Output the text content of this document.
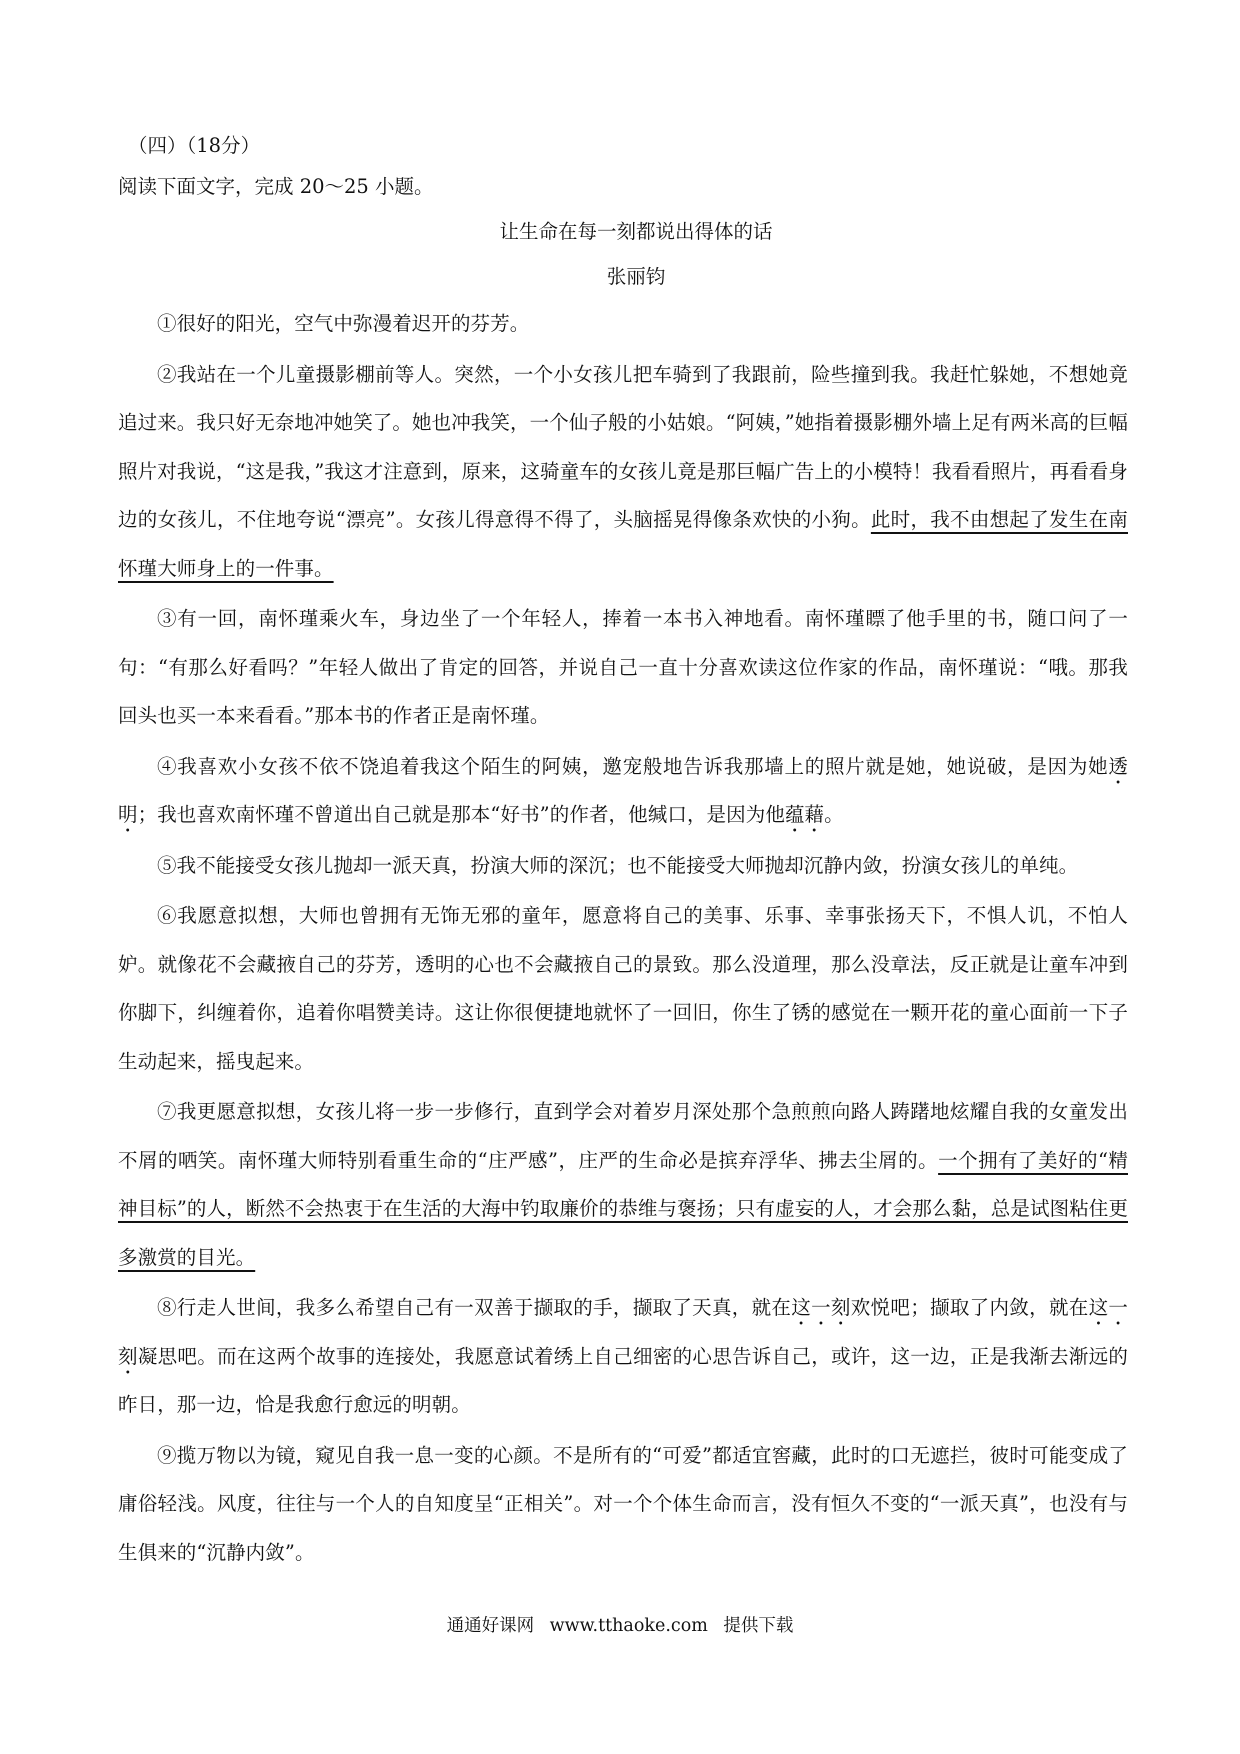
（四）（18分）
阅读下面文字，完成 20～25 小题。
让生命在每一刻都说出得体的话
张丽钧

①很好的阳光，空气中弥漫着迟开的芬芳。

②我站在一个儿童摄影棚前等人。突然，一个小女孩儿把车骑到了我跟前，险些撞到我。我赶忙躲她，不想她竟追过来。我只好无奈地冲她笑了。她也冲我笑，一个仙子般的小姑娘。“阿姨，”她指着摄影棚外墙上足有两米高的巨幅照片对我说，“这是我，”我这才注意到，原来，这骑童车的女孩儿竟是那巨幅广告上的小模特！我看看照片，再看看身边的女孩儿，不住地夸说“漂亮”。女孩儿得意得不得了，头脑摇晃得像条欢快的小狗。此时，我不由想起了发生在南怀瑾大师身上的一件事。

③有一回，南怀瑾乘火车，身边坐了一个年轻人，捧着一本书入神地看。南怀瑾瞟了他手里的书，随口问了一句：“有那么好看吗？”年轻人做出了肯定的回答，并说自己一直十分喜欢读这位作家的作品，南怀瑾说：“哦。那我回头也买一本来看看。”那本书的作者正是南怀瑾。

④我喜欢小女孩不依不饶追着我这个陌生的阿姨，邀宠般地告诉我那墙上的照片就是她，她说破，是因为她透明；我也喜欢南怀瑾不曾道出自己就是那本“好书”的作者，他缄口，是因为他蕴藉。

⑤我不能接受女孩儿抛却一派天真，扮演大师的深沉；也不能接受大师抛却沉静内敛，扮演女孩儿的单纯。

⑥我愿意拟想，大师也曾拥有无饰无邪的童年，愿意将自己的美事、乐事、幸事张扬天下，不惧人讥，不怕人妒。就像花不会藏掖自己的芬芳，透明的心也不会藏掖自己的景致。那么没道理，那么没章法，反正就是让童车冲到你脚下，纠缠着你，追着你唱赞美诗。这让你很便捷地就怀了一回旧，你生了锈的感觉在一颗开花的童心面前一下子生动起来，摇曳起来。

⑦我更愿意拟想，女孩儿将一步一步修行，直到学会对着岁月深处那个急煎煎向路人踌躇地炫耀自我的女童发出不屑的哂笑。南怀瑾大师特别看重生命的“庄严感”，庄严的生命必是摈弃浮华、拂去尘屑的。一个拥有了美好的“精神目标”的人，断然不会热衷于在生活的大海中钓取廉价的恭维与褒扬；只有虚妄的人，才会那么黏，总是试图粘住更多激赏的目光。

⑧行走人世间，我多么希望自己有一双善于撷取的手，撷取了天真，就在这一刻欢悦吧；撷取了内敛，就在这一刻凝思吧。而在这两个故事的连接处，我愿意试着绣上自己细密的心思告诉自己，或许，这一边，正是我渐去渐远的昨日，那一边，恰是我愈行愈远的明朝。

⑨揽万物以为镜，窥见自我一息一变的心颜。不是所有的“可爱”都适宜窖藏，此时的口无遮拦，彼时可能变成了庸俗轻浅。风度，往往与一个人的自知度呈“正相关”。对一个个体生命而言，没有恒久不变的“一派天真”，也没有与生俱来的“沉静内敛”。

通通好课网 www.tthaoke.com 提供下载
